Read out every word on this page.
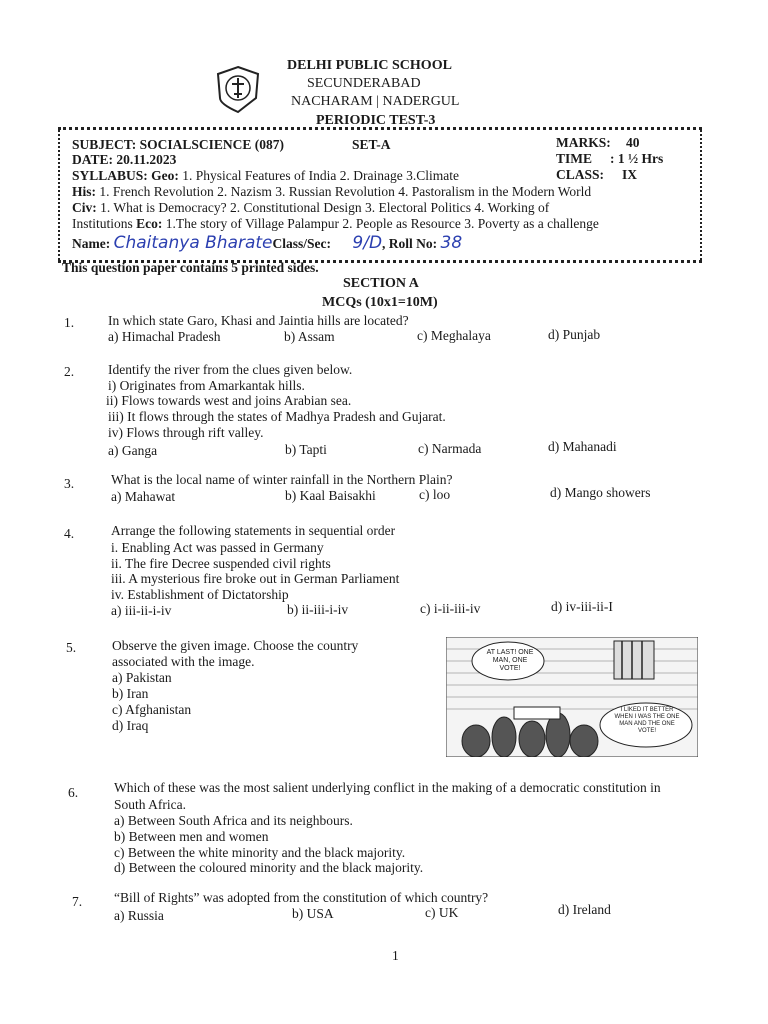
DELHI PUBLIC SCHOOL
SECUNDERABAD
NACHARAM | NADERGUL
PERIODIC TEST-3
SUBJECT: SOCIALSCIENCE (087)	SET-A	MARKS: 40
DATE: 20.11.2023	TIME : 1 ½ Hrs
CLASS: IX
SYLLABUS: Geo: 1. Physical Features of India 2. Drainage 3.Climate
His: 1. French Revolution 2. Nazism 3. Russian Revolution 4. Pastoralism in the Modern World
Civ: 1. What is Democracy? 2. Constitutional Design 3. Electoral Politics 4. Working of
Institutions Eco: 1.The story of Village Palampur 2. People as Resource 3. Poverty as a challenge
Name: Chaitanya BharateClass/Sec: 9/D, Roll No: 38
This question paper contains 5 printed sides.
SECTION A
MCQs (10x1=10M)
1.	In which state Garo, Khasi and Jaintia hills are located?
a) Himachal Pradesh	b) Assam	c) Meghalaya	d) Punjab
2.	Identify the river from the clues given below.
i) Originates from Amarkantak hills.
ii) Flows towards west and joins Arabian sea.
iii) It flows through the states of Madhya Pradesh and Gujarat.
iv) Flows through rift valley.
a) Ganga	b) Tapti	c) Narmada	d) Mahanadi
3.	What is the local name of winter rainfall in the Northern Plain?
a) Mahawat	b) Kaal Baisakhi	c) loo	d) Mango showers
4.	Arrange the following statements in sequential order
i. Enabling Act was passed in Germany
ii. The fire Decree suspended civil rights
iii. A mysterious fire broke out in German Parliament
iv. Establishment of Dictatorship
a) iii-ii-i-iv	b) ii-iii-i-iv	c) i-ii-iii-iv	d) iv-iii-ii-I
5.	Observe the given image. Choose the country
associated with the image.
a) Pakistan
b) Iran
c) Afghanistan
d) Iraq
AT LAST! ONE MAN, ONE VOTE!
I LIKED IT BETTER WHEN I WAS THE ONE MAN AND THE ONE VOTE!
6.	Which of these was the most salient underlying conflict in the making of a democratic constitution in
South Africa.
a) Between South Africa and its neighbours.
b) Between men and women
c) Between the white minority and the black majority.
d) Between the coloured minority and the black majority.
7. “Bill of Rights” was adopted from the constitution of which country?
a) Russia	b) USA	c) UK	d) Ireland
1
